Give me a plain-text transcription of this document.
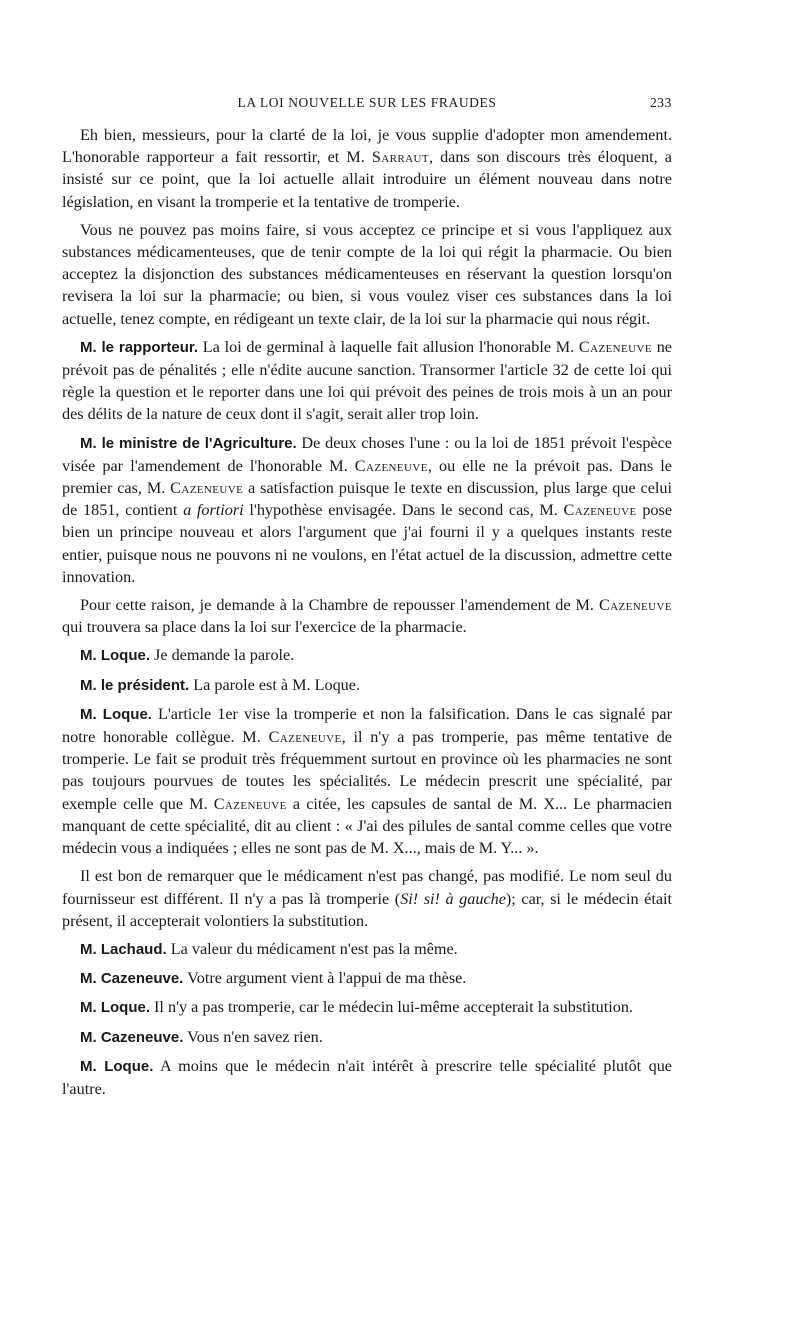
LA LOI NOUVELLE SUR LES FRAUDES	233

Eh bien, messieurs, pour la clarté de la loi, je vous supplie d'adopter mon amendement. L'honorable rapporteur a fait ressortir, et M. Sarraut, dans son discours très éloquent, a insisté sur ce point, que la loi actuelle allait introduire un élément nouveau dans notre législation, en visant la tromperie et la tentative de tromperie.

Vous ne pouvez pas moins faire, si vous acceptez ce principe et si vous l'appliquez aux substances médicamenteuses, que de tenir compte de la loi qui régit la pharmacie. Ou bien acceptez la disjonction des substances médicamenteuses en réservant la question lorsqu'on revisera la loi sur la pharmacie; ou bien, si vous voulez viser ces substances dans la loi actuelle, tenez compte, en rédigeant un texte clair, de la loi sur la pharmacie qui nous régit.

M. le rapporteur. La loi de germinal à laquelle fait allusion l'honorable M. Cazeneuve ne prévoit pas de pénalités ; elle n'édite aucune sanction. Transormer l'article 32 de cette loi qui règle la question et le reporter dans une loi qui prévoit des peines de trois mois à un an pour des délits de la nature de ceux dont il s'agit, serait aller trop loin.

M. le ministre de l'Agriculture. De deux choses l'une : ou la loi de 1851 prévoit l'espèce visée par l'amendement de l'honorable M. Cazeneuve, ou elle ne la prévoit pas. Dans le premier cas, M. Cazeneuve a satisfaction puisque le texte en discussion, plus large que celui de 1851, contient a fortiori l'hypothèse envisagée. Dans le second cas, M. Cazeneuve pose bien un principe nouveau et alors l'argument que j'ai fourni il y a quelques instants reste entier, puisque nous ne pouvons ni ne voulons, en l'état actuel de la discussion, admettre cette innovation.

Pour cette raison, je demande à la Chambre de repousser l'amendement de M. Cazeneuve qui trouvera sa place dans la loi sur l'exercice de la pharmacie.

M. Loque. Je demande la parole.

M. le président. La parole est à M. Loque.

M. Loque. L'article 1er vise la tromperie et non la falsification. Dans le cas signalé par notre honorable collègue. M. Cazeneuve, il n'y a pas tromperie, pas même tentative de tromperie. Le fait se produit très fréquemment surtout en province où les pharmacies ne sont pas toujours pourvues de toutes les spécialités. Le médecin prescrit une spécialité, par exemple celle que M. Cazeneuve a citée, les capsules de santal de M. X... Le pharmacien manquant de cette spécialité, dit au client : « J'ai des pilules de santal comme celles que votre médecin vous a indiquées ; elles ne sont pas de M. X..., mais de M. Y... ».

Il est bon de remarquer que le médicament n'est pas changé, pas modifié. Le nom seul du fournisseur est différent. Il n'y a pas là tromperie (Si! si! à gauche); car, si le médecin était présent, il accepterait volontiers la substitution.

M. Lachaud. La valeur du médicament n'est pas la même.

M. Cazeneuve. Votre argument vient à l'appui de ma thèse.

M. Loque. Il n'y a pas tromperie, car le médecin lui-même accepterait la substitution.

M. Cazeneuve. Vous n'en savez rien.

M. Loque. A moins que le médecin n'ait intérêt à prescrire telle spécialité plutôt que l'autre.
